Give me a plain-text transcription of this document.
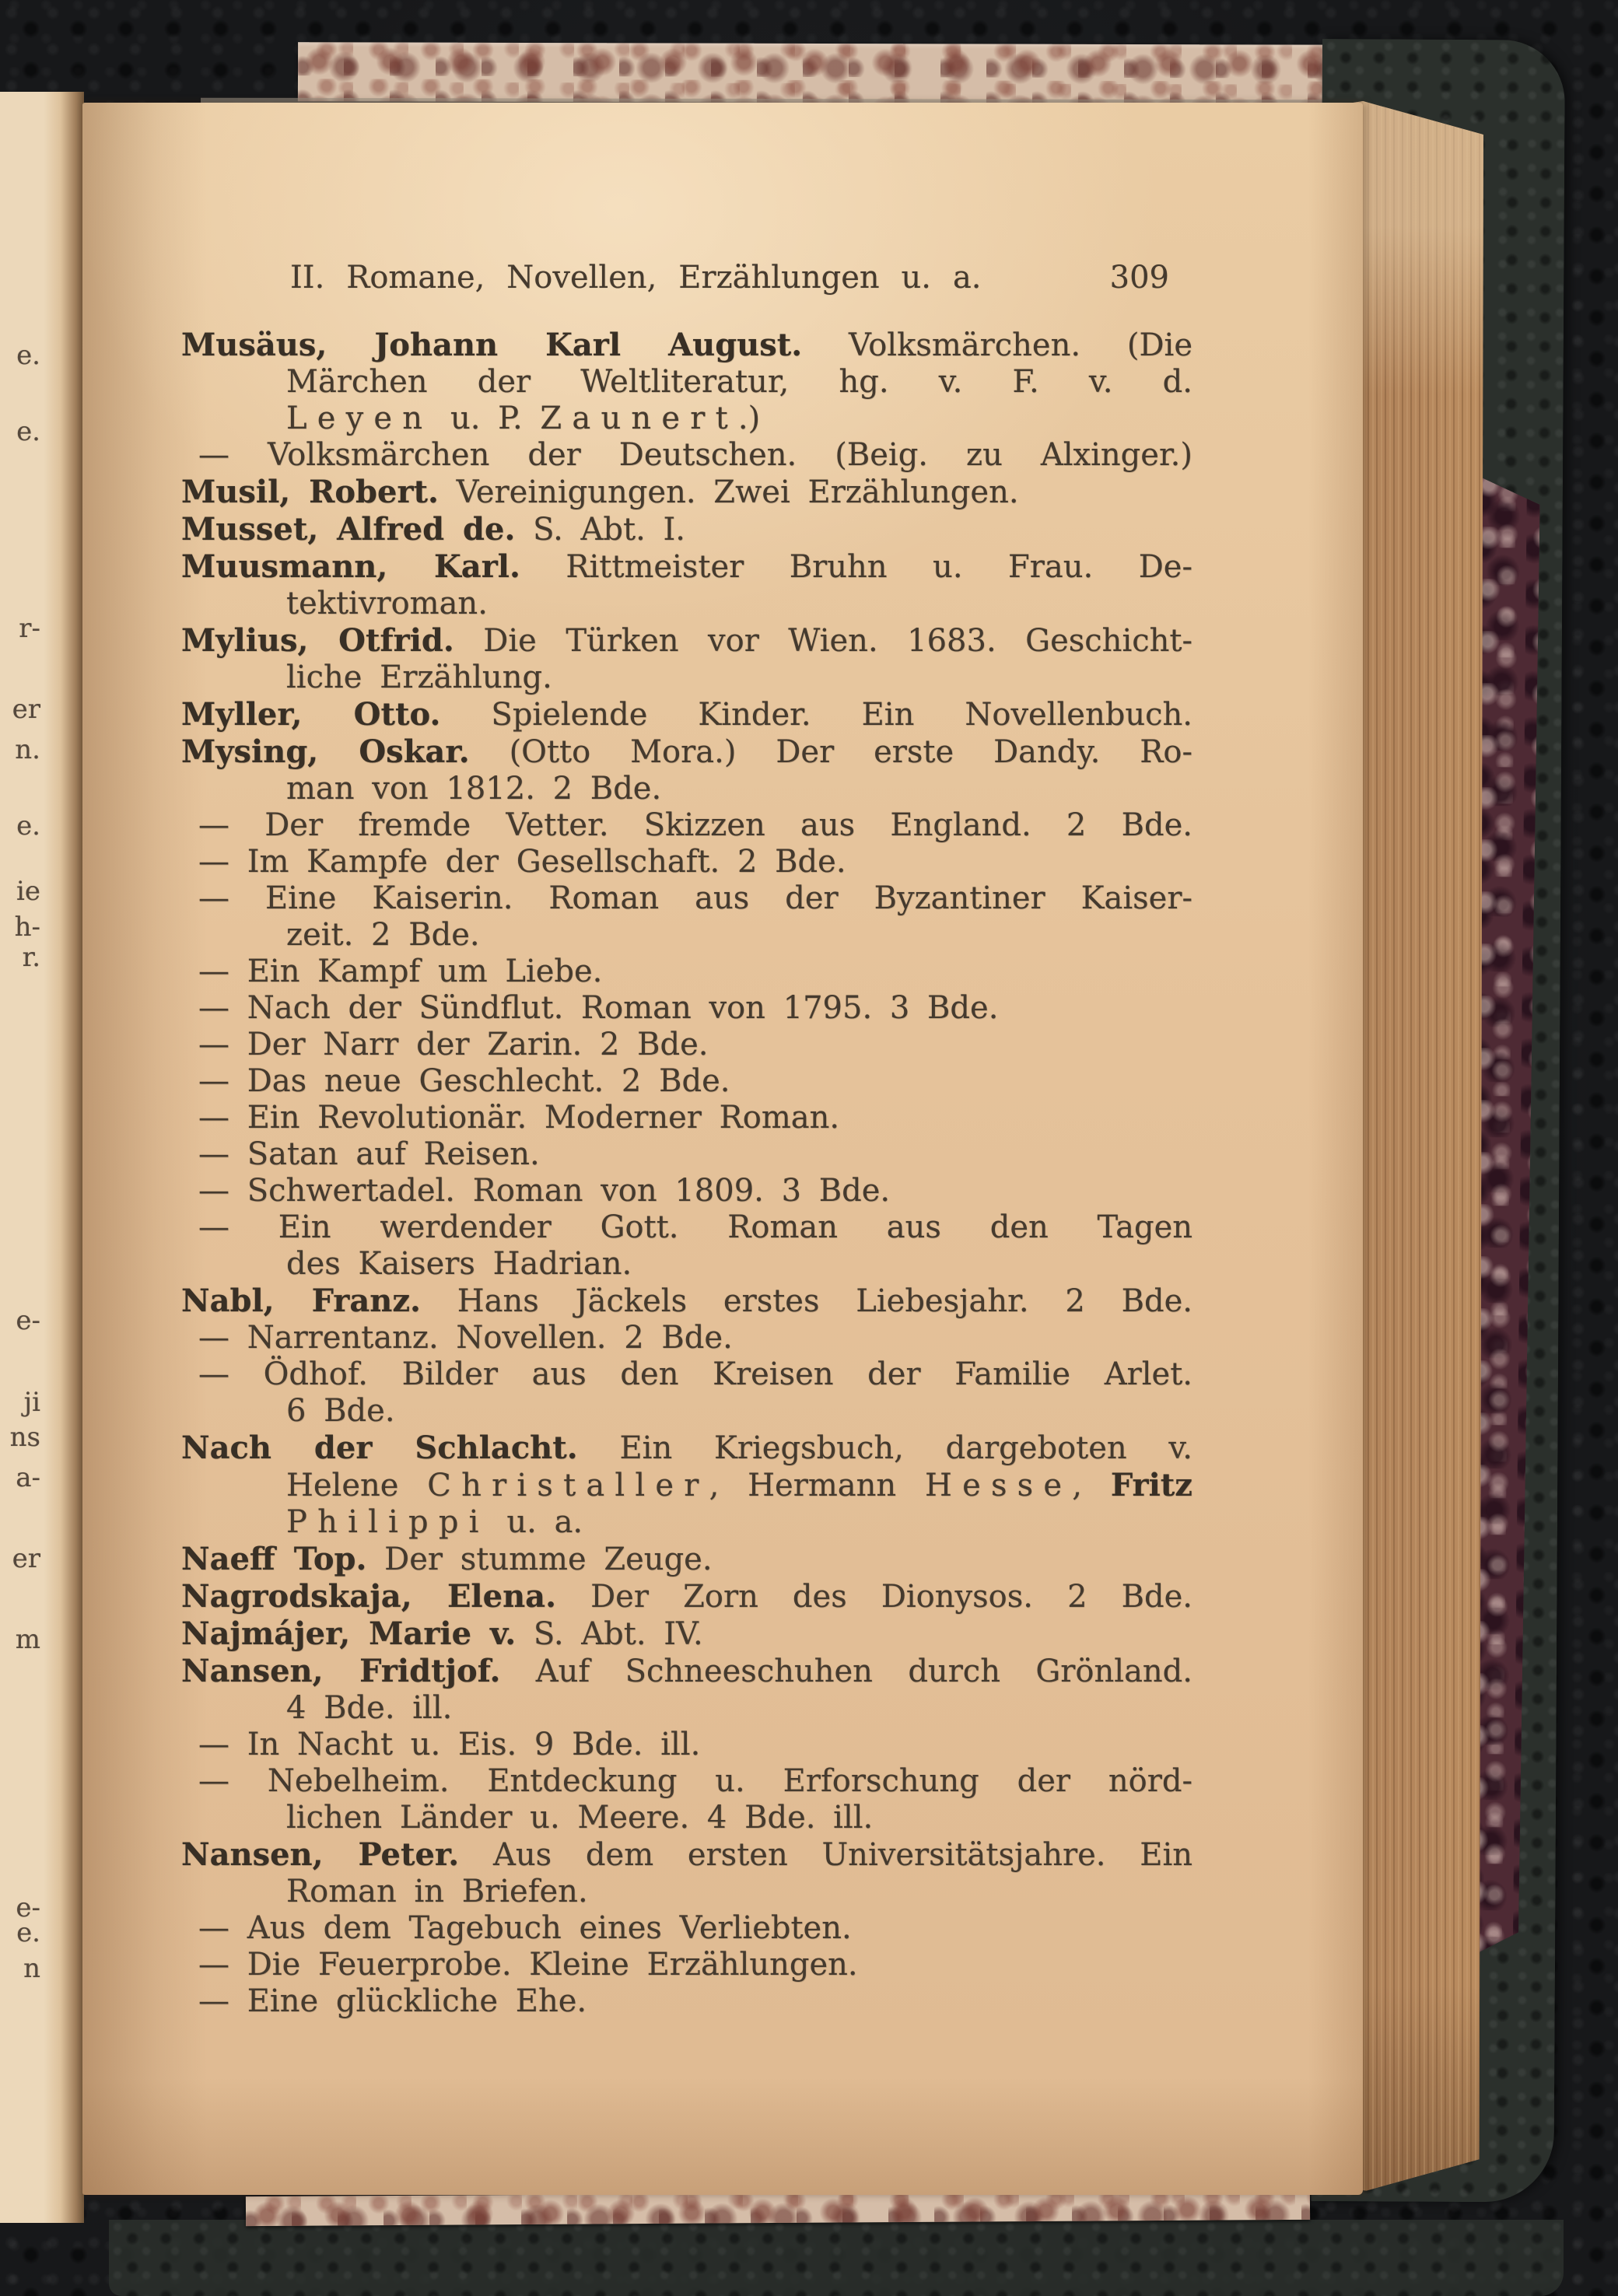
e.
e.
r-
er
n.
e.
ie
h-
r.
e-
ji
ns
a-
er
m
e-
e.
n
II. Romane, Novellen, Erzählungen u. a.	309
Musäus, Johann Karl August. Volksmärchen. (Die
Märchen der Weltliteratur, hg. v. F. v. d.
Leyen u. P. Zaunert.)
— Volksmärchen der Deutschen. (Beig. zu Alxinger.)
Musil, Robert. Vereinigungen. Zwei Erzählungen.
Musset, Alfred de. S. Abt. I.
Muusmann, Karl. Rittmeister Bruhn u. Frau. De-
tektivroman.
Mylius, Otfrid. Die Türken vor Wien. 1683. Geschicht-
liche Erzählung.
Myller, Otto. Spielende Kinder. Ein Novellenbuch.
Mysing, Oskar. (Otto Mora.) Der erste Dandy. Ro-
man von 1812. 2 Bde.
— Der fremde Vetter. Skizzen aus England. 2 Bde.
— Im Kampfe der Gesellschaft. 2 Bde.
— Eine Kaiserin. Roman aus der Byzantiner Kaiser-
zeit. 2 Bde.
— Ein Kampf um Liebe.
— Nach der Sündflut. Roman von 1795. 3 Bde.
— Der Narr der Zarin. 2 Bde.
— Das neue Geschlecht. 2 Bde.
— Ein Revolutionär. Moderner Roman.
— Satan auf Reisen.
— Schwertadel. Roman von 1809. 3 Bde.
— Ein werdender Gott. Roman aus den Tagen
des Kaisers Hadrian.
Nabl, Franz. Hans Jäckels erstes Liebesjahr. 2 Bde.
— Narrentanz. Novellen. 2 Bde.
— Ödhof. Bilder aus den Kreisen der Familie Arlet.
6 Bde.
Nach der Schlacht. Ein Kriegsbuch, dargeboten v.
Helene Christaller, Hermann Hesse, Fritz
Philippi u. a.
Naeff Top. Der stumme Zeuge.
Nagrodskaja, Elena. Der Zorn des Dionysos. 2 Bde.
Najmájer, Marie v. S. Abt. IV.
Nansen, Fridtjof. Auf Schneeschuhen durch Grönland.
4 Bde. ill.
— In Nacht u. Eis. 9 Bde. ill.
— Nebelheim. Entdeckung u. Erforschung der nörd-
lichen Länder u. Meere. 4 Bde. ill.
Nansen, Peter. Aus dem ersten Universitätsjahre. Ein
Roman in Briefen.
— Aus dem Tagebuch eines Verliebten.
— Die Feuerprobe. Kleine Erzählungen.
— Eine glückliche Ehe.
